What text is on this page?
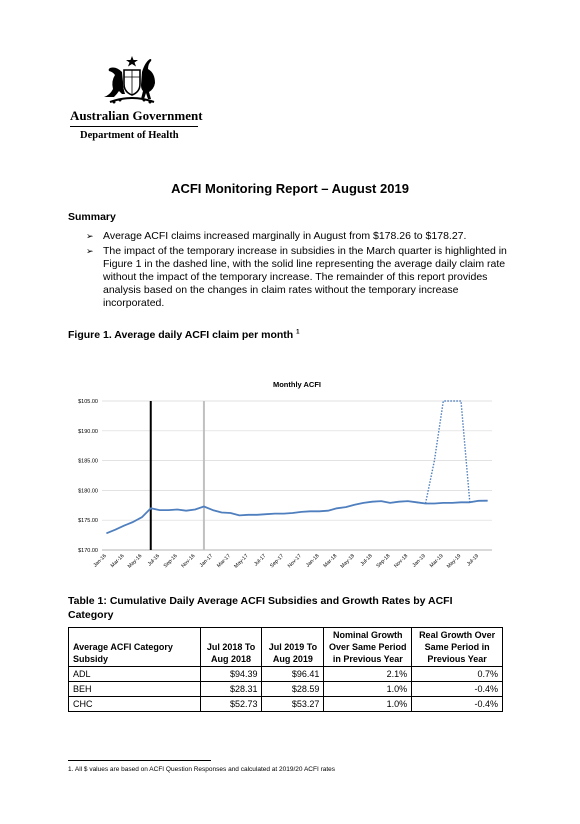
Australian Government
Department of Health
ACFI Monitoring Report – August 2019
Summary
➢ Average ACFI claims increased marginally in August from $178.26 to $178.27.
➢ The impact of the temporary increase in subsidies in the March quarter is highlighted in Figure 1 in the dashed line, with the solid line representing the average daily claim rate without the impact of the temporary increase. The remainder of this report provides analysis based on the changes in claim rates without the temporary increase incorporated.
Figure 1. Average daily ACFI claim per month $^1$
Monthly ACFI
$170.00
$175.00
$180.00
$185.00
$190.00
$105.00
Jan-16 Mar-16 May-16 Jul-16 Sep-16 Nov-16 Jan-17 Mar-17 May-17 Jul-17 Sep-17 Nov-17 Jan-18 Mar-18 May-18 Jul-18 Sep-18 Nov-18 Jan-19 Mar-19 May-19 Jul-19
Table 1: Cumulative Daily Average ACFI Subsidies and Growth Rates by ACFI Category
Average ACFI Category Subsidy	Jul 2018 To Aug 2018	Jul 2019 To Aug 2019	Nominal Growth Over Same Period in Previous Year	Real Growth Over Same Period in Previous Year
ADL	$94.39	$96.41	2.1%	0.7%
BEH	$28.31	$28.59	1.0%	-0.4%
CHC	$52.73	$53.27	1.0%	-0.4%
1. All $ values are based on ACFI Question Responses and calculated at 2019/20 ACFI rates
